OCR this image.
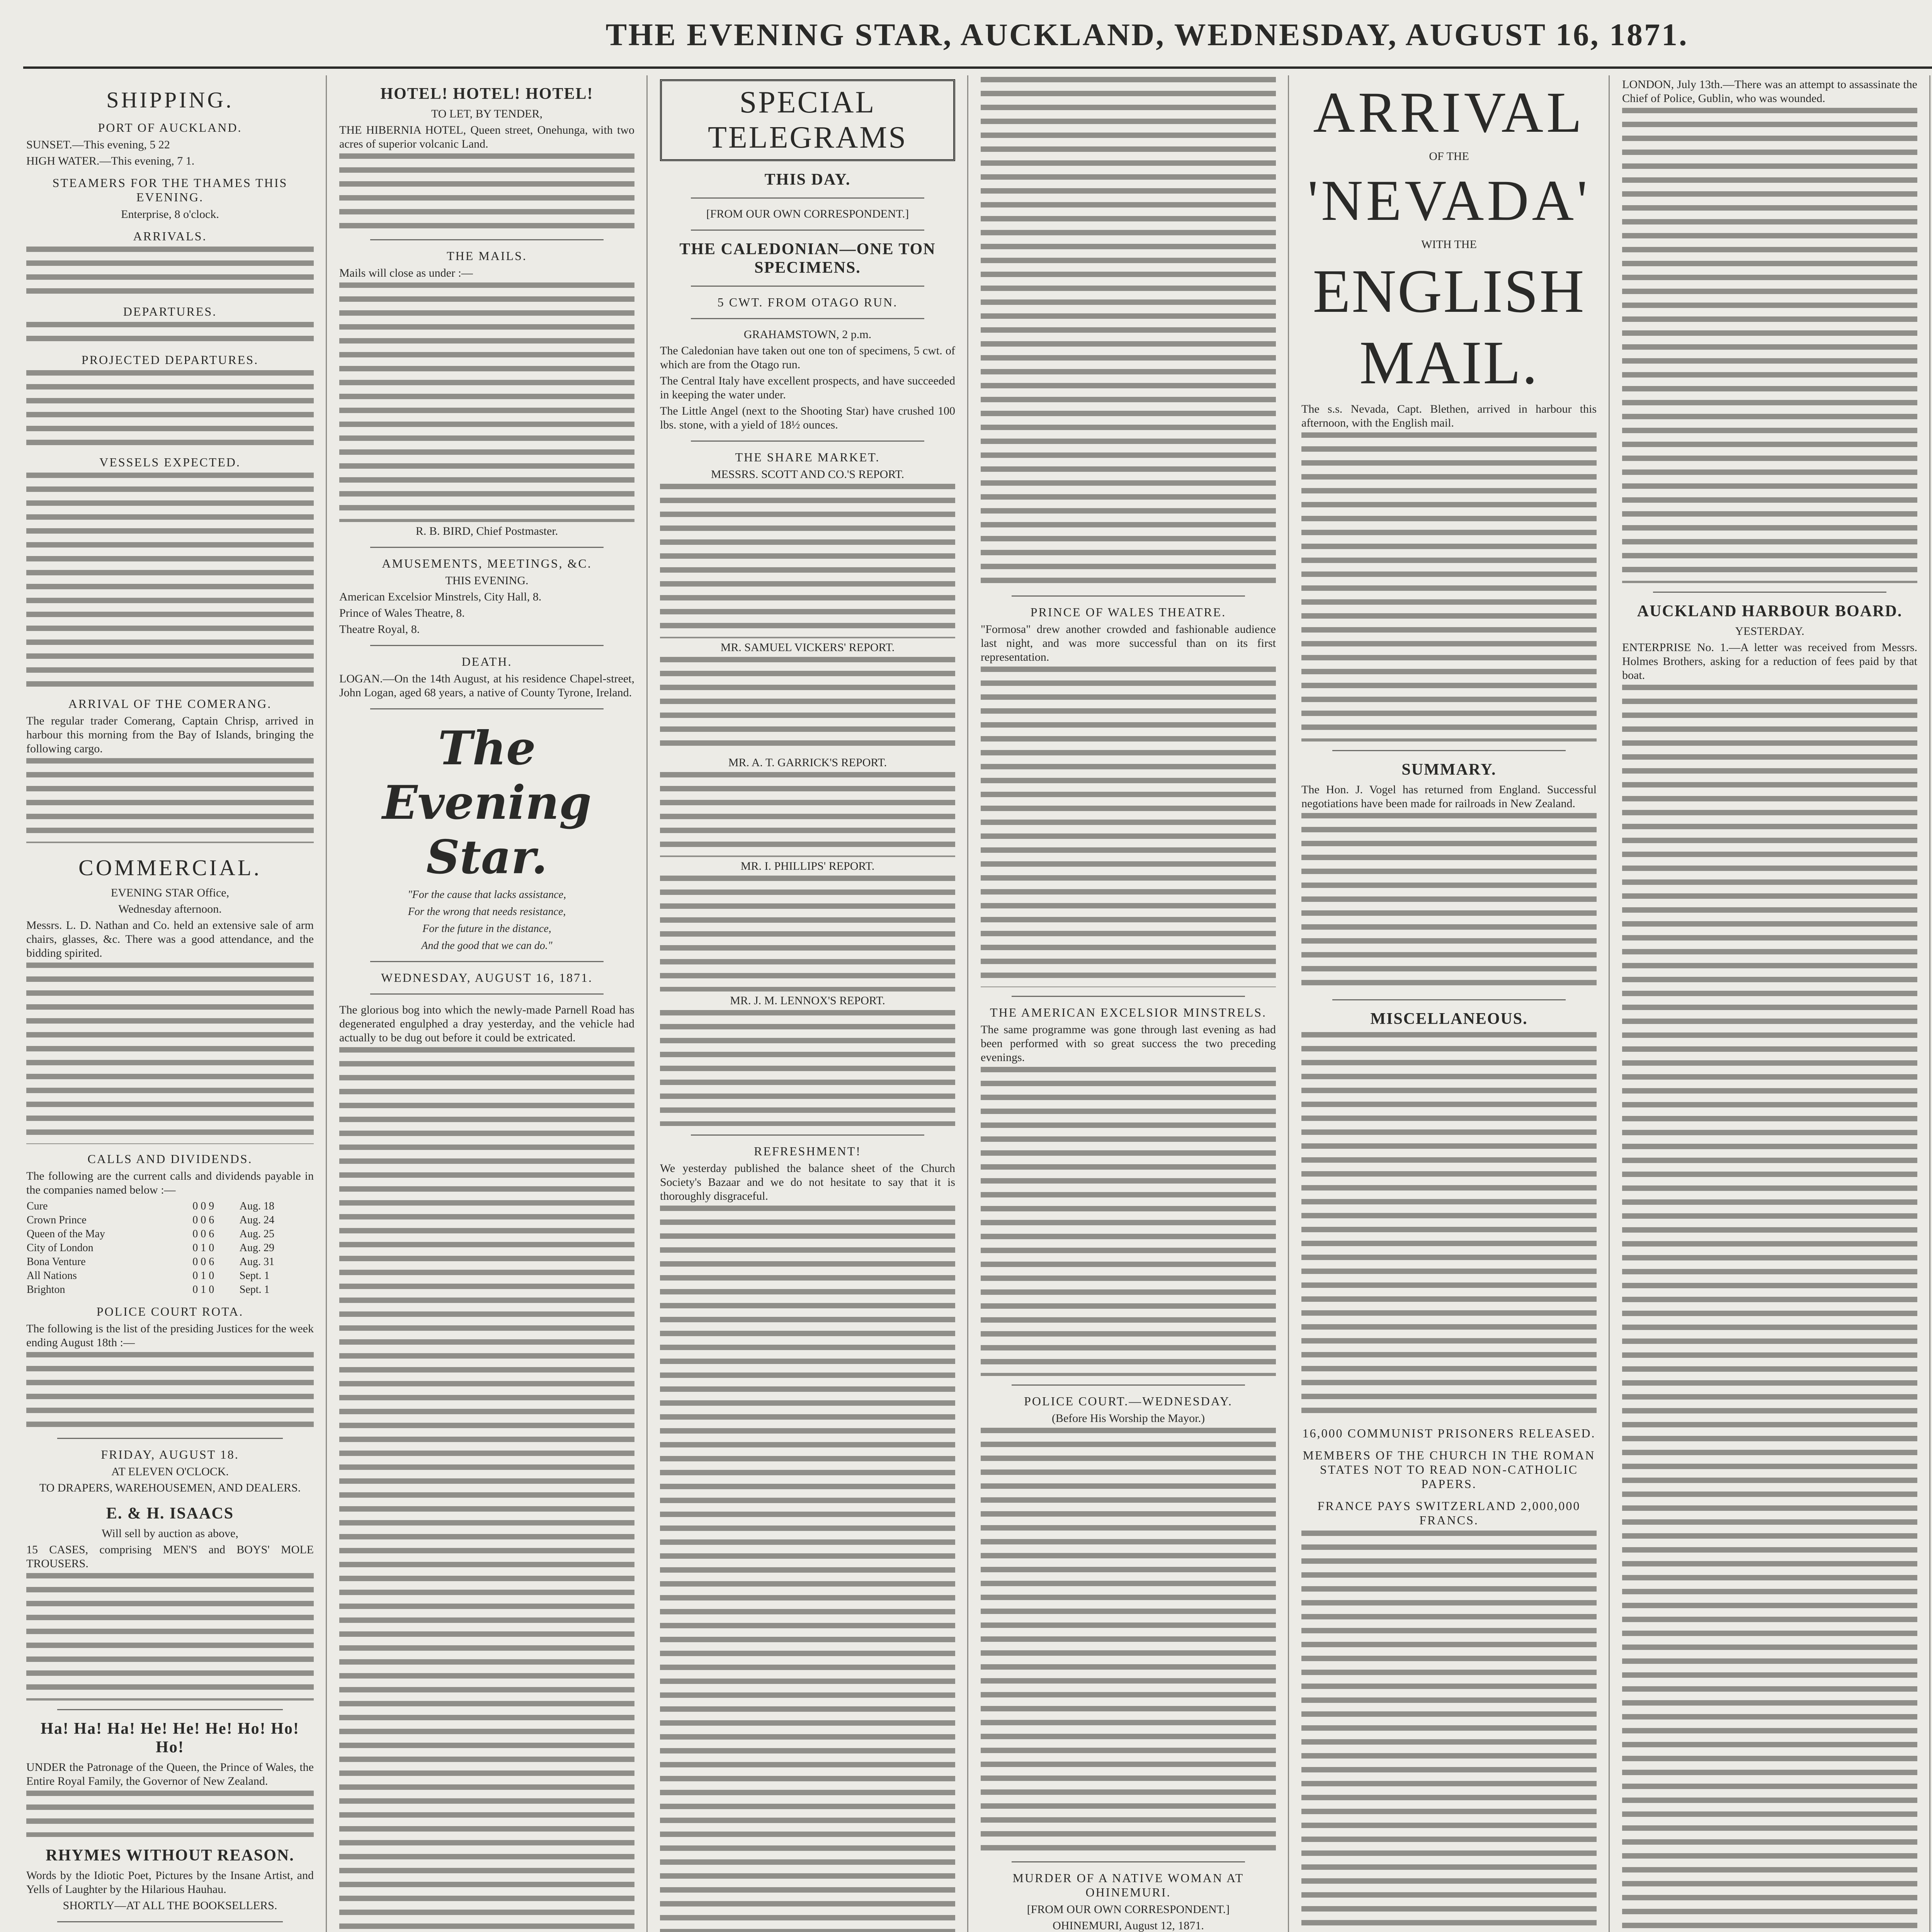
THE EVENING STAR, AUCKLAND, WEDNESDAY, AUGUST 16, 1871.
SHIPPING.
PORT OF AUCKLAND.

SUNSET.—This evening, 5 22

HIGH WATER.—This evening, 7 1.

STEAMERS FOR THE THAMES THIS EVENING.

Enterprise, 8 o'clock.

ARRIVALS.
DEPARTURES.
PROJECTED DEPARTURES.
VESSELS EXPECTED.
ARRIVAL OF THE COMERANG.

The regular trader Comerang, Captain Chrisp, arrived in harbour this morning from the Bay of Islands, bringing the following cargo.

COMMERCIAL.

EVENING STAR Office,

Wednesday afternoon.

Messrs. L. D. Nathan and Co. held an extensive sale of arm chairs, glasses, &c. There was a good attendance, and the bidding spirited.

CALLS AND DIVIDENDS.

The following are the current calls and dividends payable in the companies named below :—

Cure	0 0 9	Aug. 18
Crown Prince	0 0 6	Aug. 24
Queen of the May	0 0 6	Aug. 25
City of London	0 1 0	Aug. 29
Bona Venture	0 0 6	Aug. 31
All Nations	0 1 0	Sept. 1
Brighton	0 1 0	Sept. 1
POLICE COURT ROTA.

The following is the list of the presiding Justices for the week ending August 18th :—

FRIDAY, AUGUST 18.

AT ELEVEN O'CLOCK.

TO DRAPERS, WAREHOUSEMEN, AND DEALERS.

E. & H. ISAACS

Will sell by auction as above,

15 CASES, comprising MEN'S and BOYS' MOLE TROUSERS.

Ha! Ha! Ha! He! He! He! Ho! Ho! Ho!

UNDER the Patronage of the Queen, the Prince of Wales, the Entire Royal Family, the Governor of New Zealand.

RHYMES WITHOUT REASON.

Words by the Idiotic Poet, Pictures by the Insane Artist, and Yells of Laughter by the Hilarious Hauhau.

SHORTLY—AT ALL THE BOOKSELLERS.

HOTEL! HOTEL! HOTEL!

TO LET, BY TENDER,

THE HIBERNIA HOTEL, Queen street, Onehunga, with two acres of superior volcanic Land.

THE MAILS.

Mails will close as under :—

R. B. BIRD, Chief Postmaster.

AMUSEMENTS, MEETINGS, &C.

THIS EVENING.

American Excelsior Minstrels, City Hall, 8.

Prince of Wales Theatre, 8.

Theatre Royal, 8.

DEATH.

LOGAN.—On the 14th August, at his residence Chapel-street, John Logan, aged 68 years, a native of County Tyrone, Ireland.

The Evening Star.

"For the cause that lacks assistance,

For the wrong that needs resistance,

For the future in the distance,

And the good that we can do."

WEDNESDAY, AUGUST 16, 1871.

The glorious bog into which the newly-made Parnell Road has degenerated engulphed a dray yesterday, and the vehicle had actually to be dug out before it could be extricated.

SPECIAL TELEGRAMS
THIS DAY.

[FROM OUR OWN CORRESPONDENT.]

THE CALEDONIAN—ONE TON SPECIMENS.
5 CWT. FROM OTAGO RUN.

GRAHAMSTOWN, 2 p.m.

The Caledonian have taken out one ton of specimens, 5 cwt. of which are from the Otago run.

The Central Italy have excellent prospects, and have succeeded in keeping the water under.

The Little Angel (next to the Shooting Star) have crushed 100 lbs. stone, with a yield of 18½ ounces.

THE SHARE MARKET.

MESSRS. SCOTT AND CO.'S REPORT.

MR. SAMUEL VICKERS' REPORT.

MR. A. T. GARRICK'S REPORT.

MR. I. PHILLIPS' REPORT.

MR. J. M. LENNOX'S REPORT.

REFRESHMENT!

We yesterday published the balance sheet of the Church Society's Bazaar and we do not hesitate to say that it is thoroughly disgraceful.

PRINCE OF WALES THEATRE.

"Formosa" drew another crowded and fashionable audience last night, and was more successful than on its first representation.

THE AMERICAN EXCELSIOR MINSTRELS.

The same programme was gone through last evening as had been performed with so great success the two preceding evenings.

POLICE COURT.—WEDNESDAY.

(Before His Worship the Mayor.)

MURDER OF A NATIVE WOMAN AT OHINEMURI.

[FROM OUR OWN CORRESPONDENT.]

OHINEMURI, August 12, 1871.

ARRIVAL

OF THE

'NEVADA'

WITH THE

ENGLISH MAIL.

The s.s. Nevada, Capt. Blethen, arrived in harbour this afternoon, with the English mail.

SUMMARY.

The Hon. J. Vogel has returned from England. Successful negotiations have been made for railroads in New Zealand.

MISCELLANEOUS.
16,000 COMMUNIST PRISONERS RELEASED.
MEMBERS OF THE CHURCH IN THE ROMAN STATES NOT TO READ NON-CATHOLIC PAPERS.
FRANCE PAYS SWITZERLAND 2,000,000 FRANCS.

LONDON, July 13th.—There was an attempt to assassinate the Chief of Police, Gublin, who was wounded.

AUCKLAND HARBOUR BOARD.

YESTERDAY.

ENTERPRISE No. 1.—A letter was received from Messrs. Holmes Brothers, asking for a reduction of fees paid by that boat.
